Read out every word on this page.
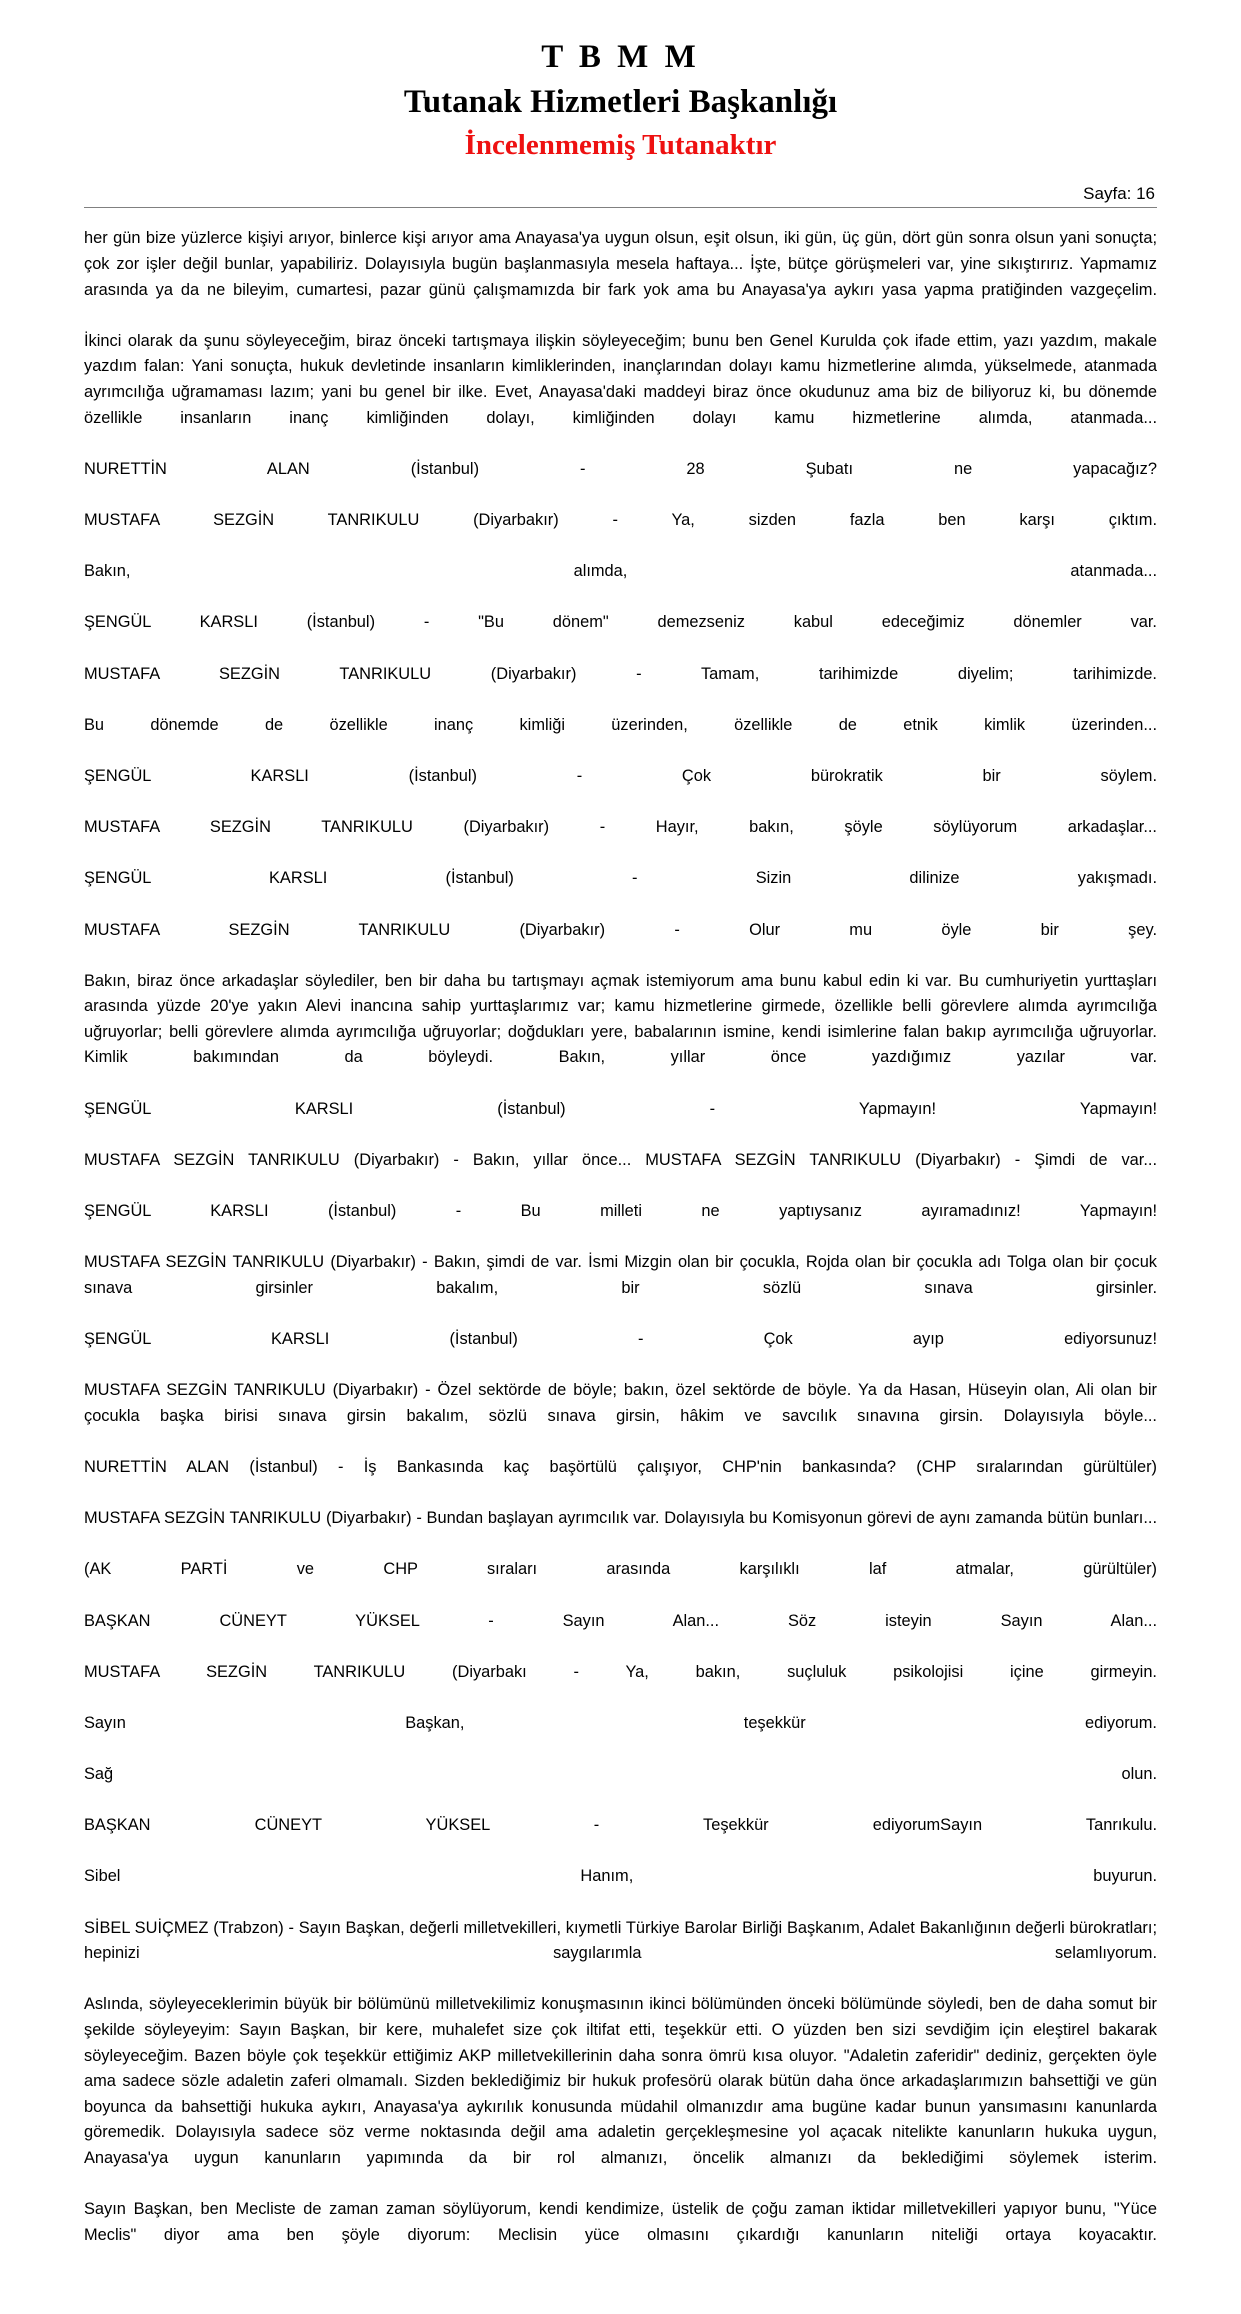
T B M M
Tutanak Hizmetleri Başkanlığı
İncelenmemiş Tutanaktır
Sayfa: 16

her gün bize yüzlerce kişiyi arıyor, binlerce kişi arıyor ama Anayasa'ya uygun olsun, eşit olsun, iki gün, üç gün, dört gün sonra olsun yani sonuçta; çok zor işler değil bunlar, yapabiliriz. Dolayısıyla bugün başlanmasıyla mesela haftaya... İşte, bütçe görüşmeleri var, yine sıkıştırırız. Yapmamız arasında ya da ne bileyim, cumartesi, pazar günü çalışmamızda bir fark yok ama bu Anayasa'ya aykırı yasa yapma pratiğinden vazgeçelim.

İkinci olarak da şunu söyleyeceğim, biraz önceki tartışmaya ilişkin söyleyeceğim; bunu ben Genel Kurulda çok ifade ettim, yazı yazdım, makale yazdım falan: Yani sonuçta, hukuk devletinde insanların kimliklerinden, inançlarından dolayı kamu hizmetlerine alımda, yükselmede, atanmada ayrımcılığa uğramaması lazım; yani bu genel bir ilke. Evet, Anayasa'daki maddeyi biraz önce okudunuz ama biz de biliyoruz ki, bu dönemde özellikle insanların inanç kimliğinden dolayı, kimliğinden dolayı kamu hizmetlerine alımda, atanmada...

NURETTİN ALAN (İstanbul) - 28 Şubatı ne yapacağız?

MUSTAFA SEZGİN TANRIKULU (Diyarbakır) - Ya, sizden fazla ben karşı çıktım.

Bakın, alımda, atanmada...

ŞENGÜL KARSLI (İstanbul) - "Bu dönem" demezseniz kabul edeceğimiz dönemler var.

MUSTAFA SEZGİN TANRIKULU (Diyarbakır) - Tamam, tarihimizde diyelim; tarihimizde.

Bu dönemde de özellikle inanç kimliği üzerinden, özellikle de etnik kimlik üzerinden...

ŞENGÜL KARSLI (İstanbul) - Çok bürokratik bir söylem.

MUSTAFA SEZGİN TANRIKULU (Diyarbakır) - Hayır, bakın, şöyle söylüyorum arkadaşlar...

ŞENGÜL KARSLI (İstanbul) - Sizin dilinize yakışmadı.

MUSTAFA SEZGİN TANRIKULU (Diyarbakır) - Olur mu öyle bir şey.

Bakın, biraz önce arkadaşlar söylediler, ben bir daha bu tartışmayı açmak istemiyorum ama bunu kabul edin ki var. Bu cumhuriyetin yurttaşları arasında yüzde 20'ye yakın Alevi inancına sahip yurttaşlarımız var; kamu hizmetlerine girmede, özellikle belli görevlere alımda ayrımcılığa uğruyorlar; belli görevlere alımda ayrımcılığa uğruyorlar; doğdukları yere, babalarının ismine, kendi isimlerine falan bakıp ayrımcılığa uğruyorlar. Kimlik bakımından da böyleydi. Bakın, yıllar önce yazdığımız yazılar var.

ŞENGÜL KARSLI (İstanbul) - Yapmayın! Yapmayın!

MUSTAFA SEZGİN TANRIKULU (Diyarbakır) - Bakın, yıllar önce... MUSTAFA SEZGİN TANRIKULU (Diyarbakır) - Şimdi de var...

ŞENGÜL KARSLI (İstanbul) - Bu milleti ne yaptıysanız ayıramadınız! Yapmayın!

MUSTAFA SEZGİN TANRIKULU (Diyarbakır) - Bakın, şimdi de var. İsmi Mizgin olan bir çocukla, Rojda olan bir çocukla adı Tolga olan bir çocuk sınava girsinler bakalım, bir sözlü sınava girsinler.

ŞENGÜL KARSLI (İstanbul) - Çok ayıp ediyorsunuz!

MUSTAFA SEZGİN TANRIKULU (Diyarbakır) - Özel sektörde de böyle; bakın, özel sektörde de böyle. Ya da Hasan, Hüseyin olan, Ali olan bir çocukla başka birisi sınava girsin bakalım, sözlü sınava girsin, hâkim ve savcılık sınavına girsin. Dolayısıyla böyle...

NURETTİN ALAN (İstanbul) - İş Bankasında kaç başörtülü çalışıyor, CHP'nin bankasında? (CHP sıralarından gürültüler)

MUSTAFA SEZGİN TANRIKULU (Diyarbakır) - Bundan başlayan ayrımcılık var. Dolayısıyla bu Komisyonun görevi de aynı zamanda bütün bunları...

(AK PARTİ ve CHP sıraları arasında karşılıklı laf atmalar, gürültüler)

BAŞKAN CÜNEYT YÜKSEL - Sayın Alan... Söz isteyin Sayın Alan...

MUSTAFA SEZGİN TANRIKULU (Diyarbakı - Ya, bakın, suçluluk psikolojisi içine girmeyin.

Sayın Başkan, teşekkür ediyorum.

Sağ olun.

BAŞKAN CÜNEYT YÜKSEL - Teşekkür ediyorumSayın Tanrıkulu.

Sibel Hanım, buyurun.

SİBEL SUİÇMEZ (Trabzon) - Sayın Başkan, değerli milletvekilleri, kıymetli Türkiye Barolar Birliği Başkanım, Adalet Bakanlığının değerli bürokratları; hepinizi saygılarımla selamlıyorum.

Aslında, söyleyeceklerimin büyük bir bölümünü milletvekilimiz konuşmasının ikinci bölümünden önceki bölümünde söyledi, ben de daha somut bir şekilde söyleyeyim: Sayın Başkan, bir kere, muhalefet size çok iltifat etti, teşekkür etti. O yüzden ben sizi sevdiğim için eleştirel bakarak söyleyeceğim. Bazen böyle çok teşekkür ettiğimiz AKP milletvekillerinin daha sonra ömrü kısa oluyor. "Adaletin zaferidir" dediniz, gerçekten öyle ama sadece sözle adaletin zaferi olmamalı. Sizden beklediğimiz bir hukuk profesörü olarak bütün daha önce arkadaşlarımızın bahsettiği ve gün boyunca da bahsettiği hukuka aykırı, Anayasa'ya aykırılık konusunda müdahil olmanızdır ama bugüne kadar bunun yansımasını kanunlarda göremedik. Dolayısıyla sadece söz verme noktasında değil ama adaletin gerçekleşmesine yol açacak nitelikte kanunların hukuka uygun, Anayasa'ya uygun kanunların yapımında da bir rol almanızı, öncelik almanızı da beklediğimi söylemek isterim.

Sayın Başkan, ben Mecliste de zaman zaman söylüyorum, kendi kendimize, üstelik de çoğu zaman iktidar milletvekilleri yapıyor bunu, "Yüce Meclis" diyor ama ben şöyle diyorum: Meclisin yüce olmasını çıkardığı kanunların niteliği ortaya koyacaktır.
